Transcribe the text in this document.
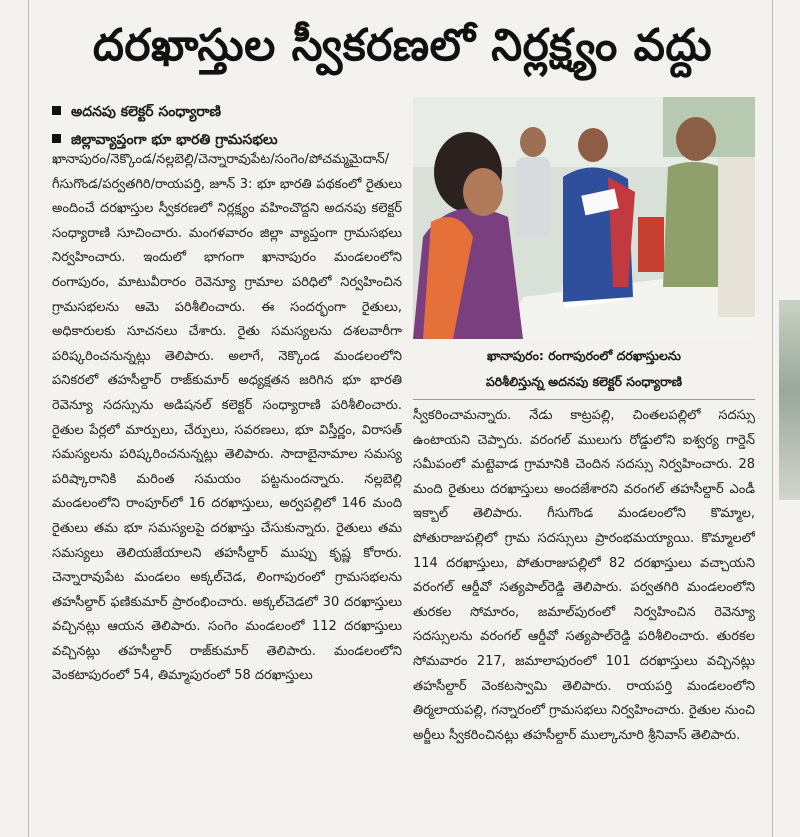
దరఖాస్తుల స్వీకరణలో నిర్లక్ష్యం వద్దు
అదనపు కలెక్టర్ సంధ్యారాణి
జిల్లావ్యాప్తంగా భూ భారతి గ్రామసభలు
ఖానాపురం/నెక్కొండ/నల్లబెల్లి/చెన్నారావుపేట/సంగెం/పోచమ్మమైదాన్/గీసుగొండ/పర్వతగిరి/రాయపర్తి, జూన్ 3: భూ భారతి పథకంలో రైతులు అందించే దరఖాస్తుల స్వీకరణలో నిర్లక్ష్యం వహించొద్దని అదనపు కలెక్టర్ సంధ్యారాణి సూచించారు. మంగళవారం జిల్లా వ్యాప్తంగా గ్రామసభలు నిర్వహించారు. ఇందులో భాగంగా ఖానాపురం మండలంలోని రంగాపురం, మాటువీరారం రెవెన్యూ గ్రామాల పరిధిలో నిర్వహించిన గ్రామసభలను ఆమె పరిశీలించారు. ఈ సందర్భంగా రైతులు, అధికారులకు సూచనలు చేశారు. రైతు సమస్యలను దశలవారీగా పరిష్కరించనున్నట్లు తెలిపారు. అలాగే, నెక్కొండ మండలంలోని పనికరలో తహసీల్దార్ రాజ్‌కుమార్ అధ్యక్షతన జరిగిన భూ భారతి రెవెన్యూ సదస్సును అడిషనల్ కలెక్టర్ సంధ్యారాణి పరిశీలించారు. రైతుల పేర్లలో మార్పులు, చేర్పులు, సవరణలు, భూ విస్తీర్ణం, విరాసత్ సమస్యలను పరిష్కరించనున్నట్లు తెలిపారు. సాదాబైనామాల సమస్య పరిష్కారానికి మరింత సమయం పట్టనుందన్నారు. నల్లబెల్లి మండలంలోని రాంపూర్‌లో 16 దరఖాస్తులు, అర్వపల్లిలో 146 మంది రైతులు తమ భూ సమస్యలపై దరఖాస్తు చేసుకున్నారు. రైతులు తమ సమస్యలు తెలియజేయాలని తహసీల్దార్ ముప్పు కృష్ణ కోరారు. చెన్నారావుపేట మండలం అక్కల్‌చెడ, లింగాపురంలో గ్రామసభలను తహసీల్దార్ ఫణికుమార్ ప్రారంభించారు. అక్కల్‌చెడలో 30 దరఖాస్తులు వచ్చినట్లు ఆయన తెలిపారు. సంగెం మండలంలో 112 దరఖాస్తులు వచ్చినట్లు తహసీల్దార్ రాజ్‌కుమార్ తెలిపారు. మండలంలోని వెంకటాపురంలో 54, తిమ్మాపురంలో 58 దరఖాస్తులు
ఖానాపురం: రంగాపురంలో దరఖాస్తులను
పరిశీలిస్తున్న అదనపు కలెక్టర్ సంధ్యారాణి
స్వీకరించామన్నారు. నేడు కాట్రపల్లి, చింతలపల్లిలో సదస్సు ఉంటాయని చెప్పారు. వరంగల్ ములుగు రోడ్డులోని ఐశ్వర్య గార్డెన్ సమీపంలో మట్టెవాడ గ్రామానికి చెందిన సదస్సు నిర్వహించారు. 28 మంది రైతులు దరఖాస్తులు అందజేశారని వరంగల్ తహసీల్దార్ ఎండీ ఇక్బాల్ తెలిపారు. గీసుగొండ మండలంలోని కొమ్మాల, పోతురాజుపల్లిలో గ్రామ సదస్సులు ప్రారంభమయ్యాయి. కొమ్మాలలో 114 దరఖాస్తులు, పోతురాజుపల్లిలో 82 దరఖాస్తులు వచ్చాయని వరంగల్ ఆర్డీవో సత్యపాల్‌రెడ్డి తెలిపారు. పర్వతగిరి మండలంలోని తురకల సోమారం, జమాల్‌పురంలో నిర్వహించిన రెవెన్యూ సదస్సులను వరంగల్ ఆర్డీవో సత్యపాల్‌రెడ్డి పరిశీలించారు. తురకల సోమవారం 217, జమాలాపురంలో 101 దరఖాస్తులు వచ్చినట్లు తహసీల్దార్ వెంకటస్వామి తెలిపారు. రాయపర్తి మండలంలోని తిర్మలాయపల్లి, గన్నారంలో గ్రామసభలు నిర్వహించారు. రైతుల నుంచి అర్జీలు స్వీకరించినట్లు తహసీల్దార్ ముల్కానూరి శ్రీనివాస్ తెలిపారు.
